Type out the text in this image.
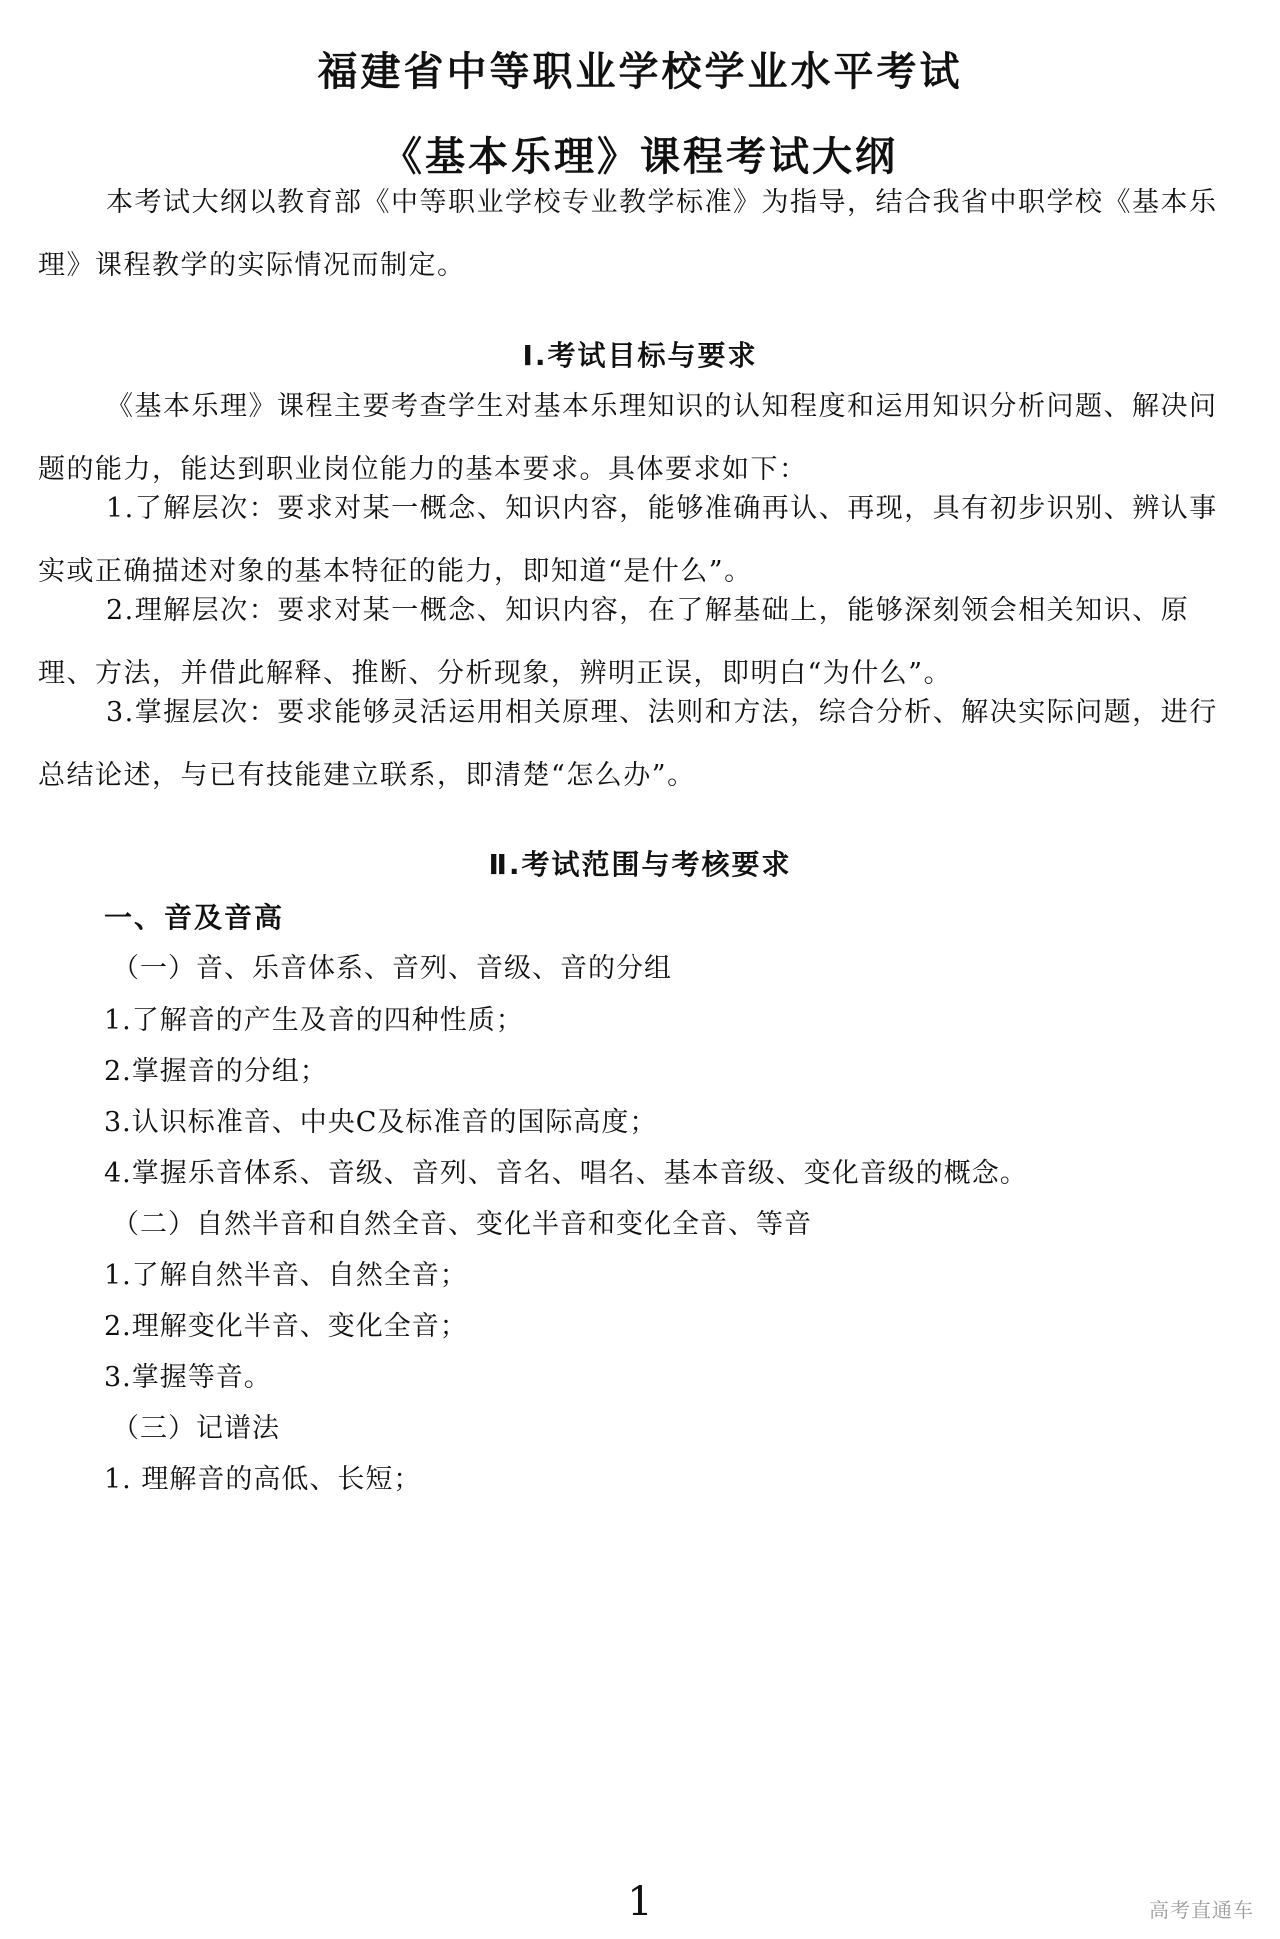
福建省中等职业学校学业水平考试
《基本乐理》课程考试大纲

本考试大纲以教育部《中等职业学校专业教学标准》为指导，结合我省中职学校《基本乐理》课程教学的实际情况而制定。

Ⅰ.考试目标与要求

《基本乐理》课程主要考查学生对基本乐理知识的认知程度和运用知识分析问题、解决问题的能力，能达到职业岗位能力的基本要求。具体要求如下：

1.了解层次：要求对某一概念、知识内容，能够准确再认、再现，具有初步识别、辨认事实或正确描述对象的基本特征的能力，即知道“是什么”。

2.理解层次：要求对某一概念、知识内容，在了解基础上，能够深刻领会相关知识、原理、方法，并借此解释、推断、分析现象，辨明正误，即明白“为什么”。

3.掌握层次：要求能够灵活运用相关原理、法则和方法，综合分析、解决实际问题，进行总结论述，与已有技能建立联系，即清楚“怎么办”。

Ⅱ.考试范围与考核要求
一、音及音高
（一）音、乐音体系、音列、音级、音的分组
1.了解音的产生及音的四种性质；
2.掌握音的分组；
3.认识标准音、中央C及标准音的国际高度；
4.掌握乐音体系、音级、音列、音名、唱名、基本音级、变化音级的概念。
（二）自然半音和自然全音、变化半音和变化全音、等音
1.了解自然半音、自然全音；
2.理解变化半音、变化全音；
3.掌握等音。
（三）记谱法
1. 理解音的高低、长短；
1	高考直通车
